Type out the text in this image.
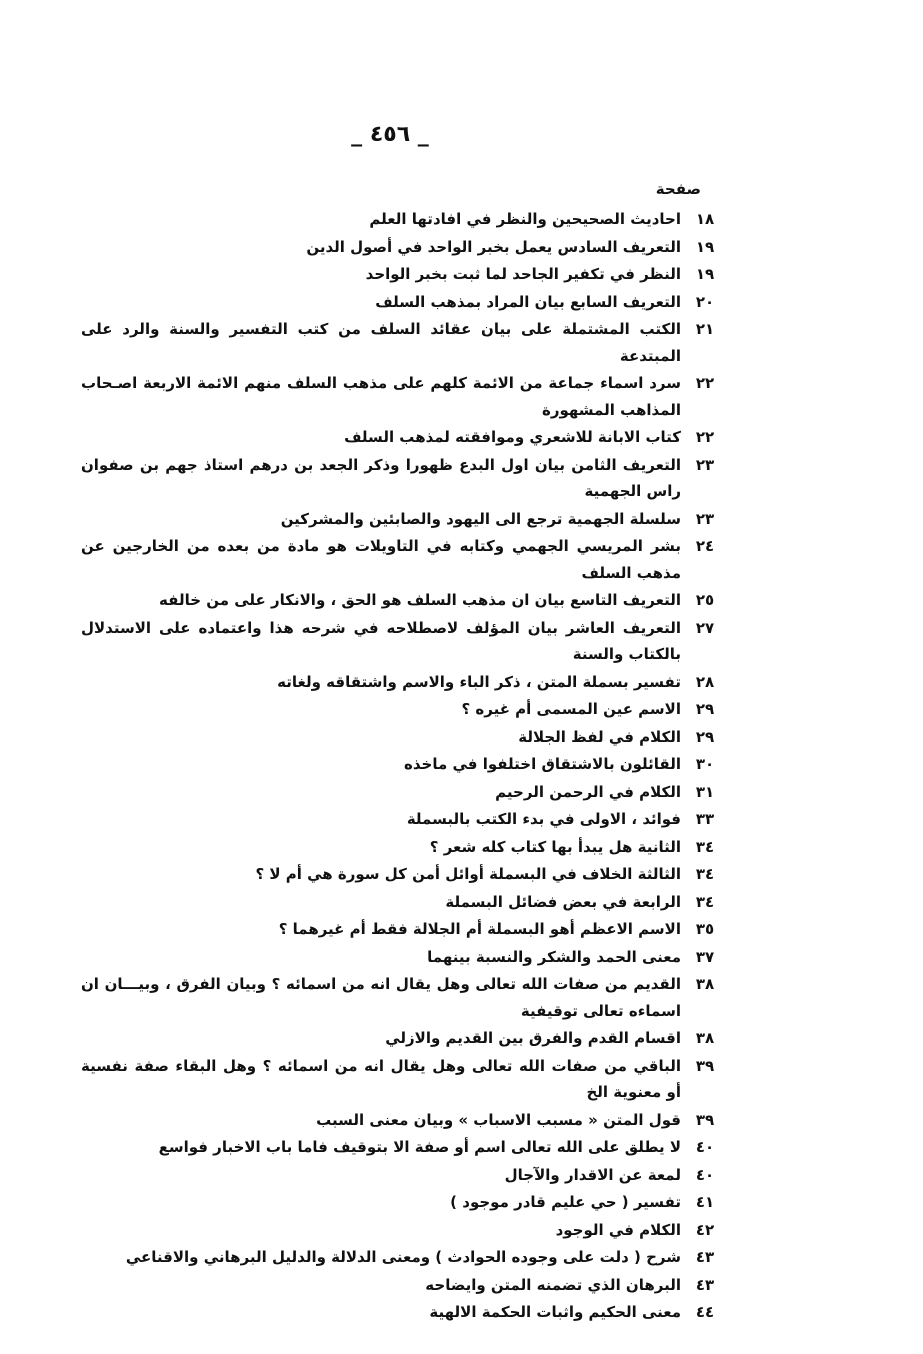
_ ٤٥٦ _
صفحة
١٨
احاديث الصحيحين والنظر في افادتها العلم
١٩
التعريف السادس يعمل بخبر الواحد في أصول الدين
١٩
النظر في تكفير الجاحد لما ثبت بخبر الواحد
٢٠
التعريف السابع بيان المراد بمذهب السلف
٢١
الكتب المشتملة على بيان عقائد السلف من كتب التفسير والسنة والرد على المبتدعة
٢٢
سرد اسماء جماعة من الائمة كلهم على مذهب السلف منهم الائمة الاربعة اصـحاب المذاهب المشهورة
٢٢
كتاب الابانة للاشعري وموافقته لمذهب السلف
٢٣
التعريف الثامن بيان اول البدع ظهورا وذكر الجعد بن درهم استاذ جهم بن صفوان راس الجهمية
٢٣
سلسلة الجهمية ترجع الى اليهود والصابئين والمشركين
٢٤
بشر المريسي الجهمي وكتابه في التاويلات هو مادة من بعده من الخارجين عن مذهب السلف
٢٥
التعريف التاسع بيان ان مذهب السلف هو الحق ، والانكار على من خالفه
٢٧
التعريف العاشر بيان المؤلف لاصطلاحه في شرحه هذا واعتماده على الاستدلال بالكتاب والسنة
٢٨
تفسير بسملة المتن ، ذكر الباء والاسم واشتقاقه ولغاته
٢٩
الاسم عين المسمى أم غيره ؟
٢٩
الكلام في لفظ الجلالة
٣٠
القائلون بالاشتقاق اختلفوا في ماخذه
٣١
الكلام في الرحمن الرحيم
٣٣
فوائد ، الاولى في بدء الكتب بالبسملة
٣٤
الثانية هل يبدأ بها كتاب كله شعر ؟
٣٤
الثالثة الخلاف في البسملة أوائل أمن كل سورة هي أم لا ؟
٣٤
الرابعة في بعض فضائل البسملة
٣٥
الاسم الاعظم أهو البسملة أم الجلالة فقط أم غيرهما ؟
٣٧
معنى الحمد والشكر والنسبة بينهما
٣٨
القديم من صفات الله تعالى وهل يقال انه من اسمائه ؟ وبيان الفرق ، وبيـــان ان اسماءه تعالى توقيفية
٣٨
اقسام القدم والفرق بين القديم والازلي
٣٩
الباقي من صفات الله تعالى وهل يقال انه من اسمائه ؟ وهل البقاء صفة نفسية أو معنوية الخ
٣٩
قول المتن « مسبب الاسباب » وبيان معنى السبب
٤٠
لا يطلق على الله تعالى اسم أو صفة الا بتوقيف فاما باب الاخبار فواسع
٤٠
لمعة عن الاقدار والآجال
٤١
تفسير ( حي عليم قادر موجود )
٤٢
الكلام في الوجود
٤٣
شرح ( دلت على وجوده الحوادث ) ومعنى الدلالة والدليل البرهاني والاقناعي
٤٣
البرهان الذي تضمنه المتن وايضاحه
٤٤
معنى الحكيم واثبات الحكمة الالهية
